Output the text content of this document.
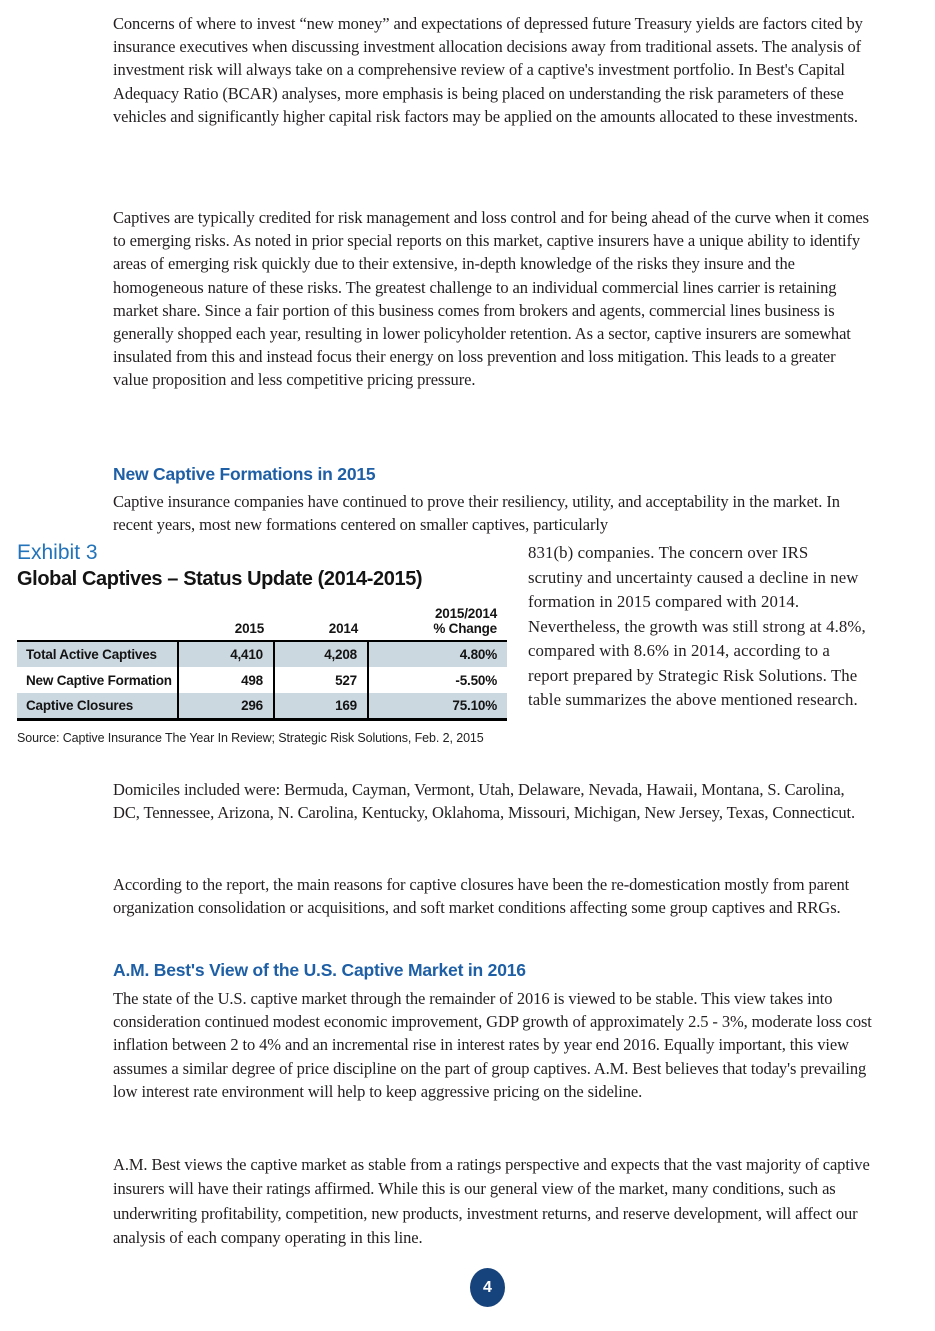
Concerns of where to invest “new money” and expectations of depressed future Treasury yields are factors cited by insurance executives when discussing investment allocation decisions away from traditional assets. The analysis of investment risk will always take on a comprehensive review of a captive's investment portfolio. In Best's Capital Adequacy Ratio (BCAR) analyses, more emphasis is being placed on understanding the risk parameters of these vehicles and significantly higher capital risk factors may be applied on the amounts allocated to these investments.
Captives are typically credited for risk management and loss control and for being ahead of the curve when it comes to emerging risks. As noted in prior special reports on this market, captive insurers have a unique ability to identify areas of emerging risk quickly due to their extensive, in-depth knowledge of the risks they insure and the homogeneous nature of these risks. The greatest challenge to an individual commercial lines carrier is retaining market share. Since a fair portion of this business comes from brokers and agents, commercial lines business is generally shopped each year, resulting in lower policyholder retention. As a sector, captive insurers are somewhat insulated from this and instead focus their energy on loss prevention and loss mitigation. This leads to a greater value proposition and less competitive pricing pressure.
New Captive Formations in 2015
Captive insurance companies have continued to prove their resiliency, utility, and acceptability in the market. In recent years, most new formations centered on smaller captives, particularly
Exhibit 3
Global Captives – Status Update (2014-2015)
	2015	2014	2015/2014
% Change

Total Active Captives	4,410	4,208	4.80%
New Captive Formation	498	527	-5.50%
Captive Closures	296	169	75.10%
Source: Captive Insurance The Year In Review; Strategic Risk Solutions, Feb. 2, 2015
831(b) companies. The concern over IRS scrutiny and uncertainty caused a decline in new formation in 2015 compared with 2014. Nevertheless, the growth was still strong at 4.8%, compared with 8.6% in 2014, according to a report prepared by Strategic Risk Solutions. The table summarizes the above mentioned research.
Domiciles included were: Bermuda, Cayman, Vermont, Utah, Delaware, Nevada, Hawaii, Montana, S. Carolina, DC, Tennessee, Arizona, N. Carolina, Kentucky, Oklahoma, Missouri, Michigan, New Jersey, Texas, Connecticut.
According to the report, the main reasons for captive closures have been the re-domestication mostly from parent organization consolidation or acquisitions, and soft market conditions affecting some group captives and RRGs.
A.M. Best's View of the U.S. Captive Market in 2016
The state of the U.S. captive market through the remainder of 2016 is viewed to be stable. This view takes into consideration continued modest economic improvement, GDP growth of approximately 2.5 - 3%, moderate loss cost inflation between 2 to 4% and an incremental rise in interest rates by year end 2016. Equally important, this view assumes a similar degree of price discipline on the part of group captives. A.M. Best believes that today's prevailing low interest rate environment will help to keep aggressive pricing on the sideline.
A.M. Best views the captive market as stable from a ratings perspective and expects that the vast majority of captive insurers will have their ratings affirmed. While this is our general view of the market, many conditions, such as underwriting profitability, competition, new products, investment returns, and reserve development, will affect our analysis of each company operating in this line.
4
